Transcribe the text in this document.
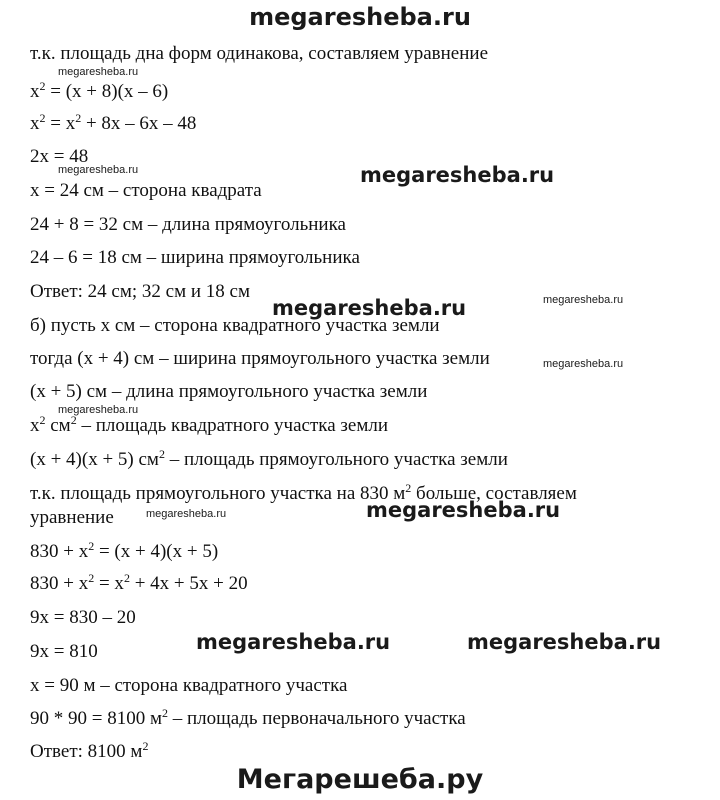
megaresheba.ru
т.к. площадь дна форм одинакова, составляем уравнение
$x^2 = (x + 8)(x - 6)$
$x^2 = x^2 + 8x - 6x - 48$
2x = 48
x = 24 см – сторона квадрата
24 + 8 = 32 см – длина прямоугольника
24 – 6 = 18 см – ширина прямоугольника
Ответ: 24 см; 32 см и 18 см
б) пусть х см – сторона квадратного участка земли
тогда (х + 4) см – ширина прямоугольного участка земли
(х + 5) см – длина прямоугольного участка земли
$x^2$ $см^2$ – площадь квадратного участка земли
(х + 4)(х + 5) $см^2$ – площадь прямоугольного участка земли
т.к. площадь прямоугольного участка на 830 $м^2$ больше, составляем
уравнение
$830 + x^2 = (x + 4)(x + 5)$
$830 + x^2 = x^2 + 4x + 5x + 20$
9x = 830 – 20
9x = 810
x = 90 м – сторона квадратного участка
90 * 90 = 8100 $м^2$ – площадь первоначального участка
Ответ: 8100 $м^2$
megaresheba.ru
megaresheba.ru
megaresheba.ru
megaresheba.ru
megaresheba.ru
megaresheba.ru
megaresheba.ru
megaresheba.ru
megaresheba.ru
megaresheba.ru	megaresheba.ru
Мегарешеба.ру
